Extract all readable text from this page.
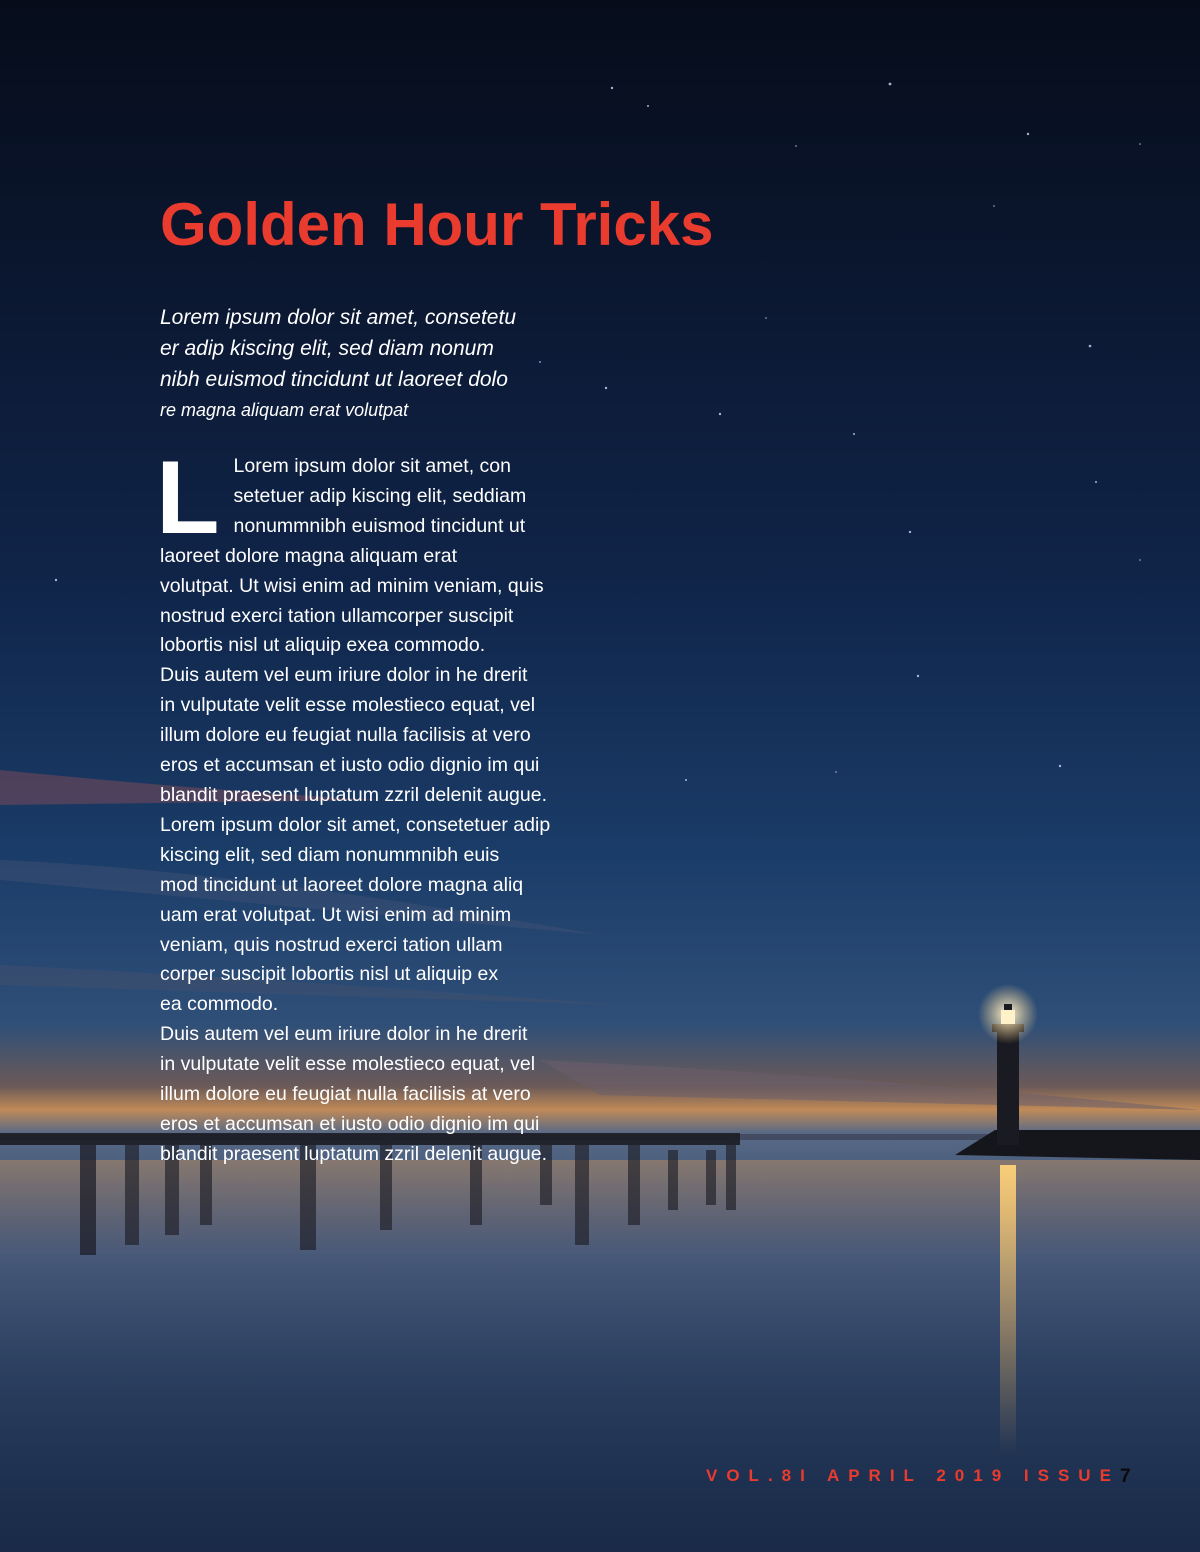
Golden Hour Tricks
Lorem ipsum dolor sit amet, consetetu
er adip kiscing elit, sed diam nonum
nibh euismod tincidunt ut laoreet dolo
re magna aliquam erat volutpat
L Lorem ipsum dolor sit amet, con
setetuer adip kiscing elit, seddiam
nonummnibh euismod tincidunt ut
laoreet dolore magna aliquam erat
volutpat. Ut wisi enim ad minim veniam, quis
nostrud exerci tation ullamcorper suscipit
lobortis nisl ut aliquip exea commodo.
Duis autem vel eum iriure dolor in he drerit
in vulputate velit esse molestieco equat, vel
illum dolore eu feugiat nulla facilisis at vero
eros et accumsan et iusto odio dignio im qui
blandit praesent luptatum zzril delenit augue.
Lorem ipsum dolor sit amet, consetetuer adip
kiscing elit, sed diam nonummnibh euis
mod tincidunt ut laoreet dolore magna aliq
uam erat volutpat. Ut wisi enim ad minim
veniam, quis nostrud exerci tation ullam
corper suscipit lobortis nisl ut aliquip ex
ea commodo.
Duis autem vel eum iriure dolor in he drerit
in vulputate velit esse molestieco equat, vel
illum dolore eu feugiat nulla facilisis at vero
eros et accumsan et iusto odio dignio im qui
blandit praesent luptatum zzril delenit augue.
VOL.8I APRIL 2019 ISSUE 7
